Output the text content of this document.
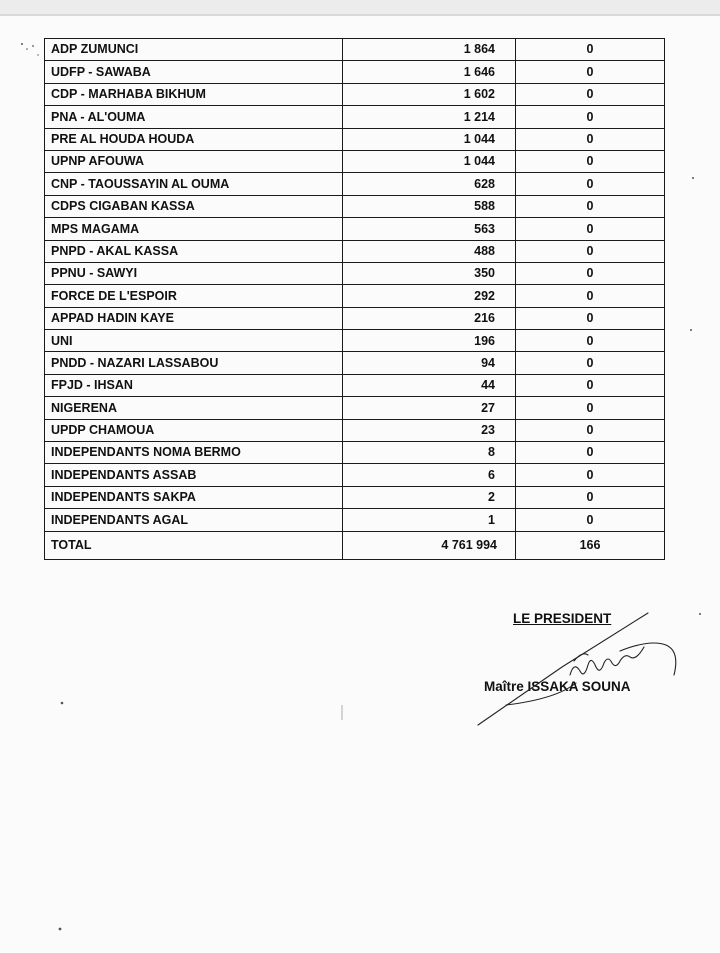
ADP ZUMUNCI	1 864	0
UDFP - SAWABA	1 646	0
CDP - MARHABA BIKHUM	1 602	0
PNA - AL'OUMA	1 214	0
PRE AL HOUDA HOUDA	1 044	0
UPNP AFOUWA	1 044	0
CNP - TAOUSSAYIN AL OUMA	628	0
CDPS CIGABAN KASSA	588	0
MPS MAGAMA	563	0
PNPD - AKAL KASSA	488	0
PPNU - SAWYI	350	0
FORCE DE L'ESPOIR	292	0
APPAD HADIN KAYE	216	0
UNI	196	0
PNDD - NAZARI LASSABOU	94	0
FPJD - IHSAN	44	0
NIGERENA	27	0
UPDP CHAMOUA	23	0
INDEPENDANTS NOMA BERMO	8	0
INDEPENDANTS ASSAB	6	0
INDEPENDANTS SAKPA	2	0
INDEPENDANTS AGAL	1	0
TOTAL	4 761 994	166
LE PRESIDENT
Maître ISSAKA SOUNA
